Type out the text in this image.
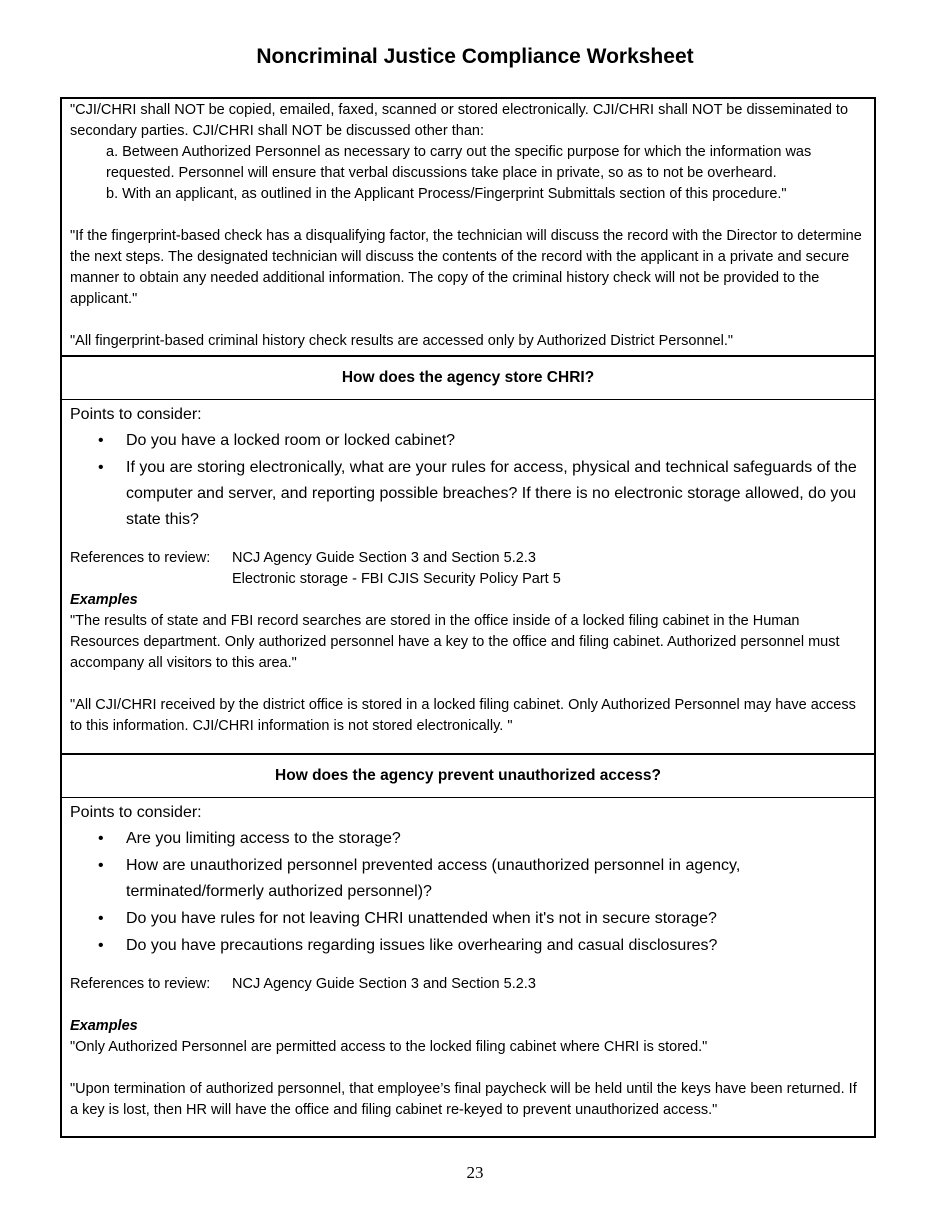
Noncriminal Justice Compliance Worksheet

"CJI/CHRI shall NOT be copied, emailed, faxed, scanned or stored electronically. CJI/CHRI shall NOT be disseminated to secondary parties. CJI/CHRI shall NOT be discussed other than:

a. Between Authorized Personnel as necessary to carry out the specific purpose for which the information was requested. Personnel will ensure that verbal discussions take place in private, so as to not be overheard.

b. With an applicant, as outlined in the Applicant Process/Fingerprint Submittals section of this procedure."

"If the fingerprint-based check has a disqualifying factor, the technician will discuss the record with the Director to determine the next steps. The designated technician will discuss the contents of the record with the applicant in a private and secure manner to obtain any needed additional information. The copy of the criminal history check will not be provided to the applicant."

"All fingerprint-based criminal history check results are accessed only by Authorized District Personnel."

How does the agency store CHRI?
Points to consider:
• Do you have a locked room or locked cabinet?
• If you are storing electronically, what are your rules for access, physical and technical safeguards of the computer and server, and reporting possible breaches? If there is no electronic storage allowed, do you state this?
References to review:	NCJ Agency Guide Section 3 and Section 5.2.3
Electronic storage - FBI CJIS Security Policy Part 5
Examples

"The results of state and FBI record searches are stored in the office inside of a locked filing cabinet in the Human Resources department. Only authorized personnel have a key to the office and filing cabinet. Authorized personnel must accompany all visitors to this area."

"All CJI/CHRI received by the district office is stored in a locked filing cabinet. Only Authorized Personnel may have access to this information. CJI/CHRI information is not stored electronically. "

How does the agency prevent unauthorized access?
Points to consider:
• Are you limiting access to the storage?
• How are unauthorized personnel prevented access (unauthorized personnel in agency, terminated/formerly authorized personnel)?
• Do you have rules for not leaving CHRI unattended when it's not in secure storage?
• Do you have precautions regarding issues like overhearing and casual disclosures?
References to review:	NCJ Agency Guide Section 3 and Section 5.2.3
Examples

"Only Authorized Personnel are permitted access to the locked filing cabinet where CHRI is stored."

"Upon termination of authorized personnel, that employee’s final paycheck will be held until the keys have been returned. If a key is lost, then HR will have the office and filing cabinet re-keyed to prevent unauthorized access."

23
